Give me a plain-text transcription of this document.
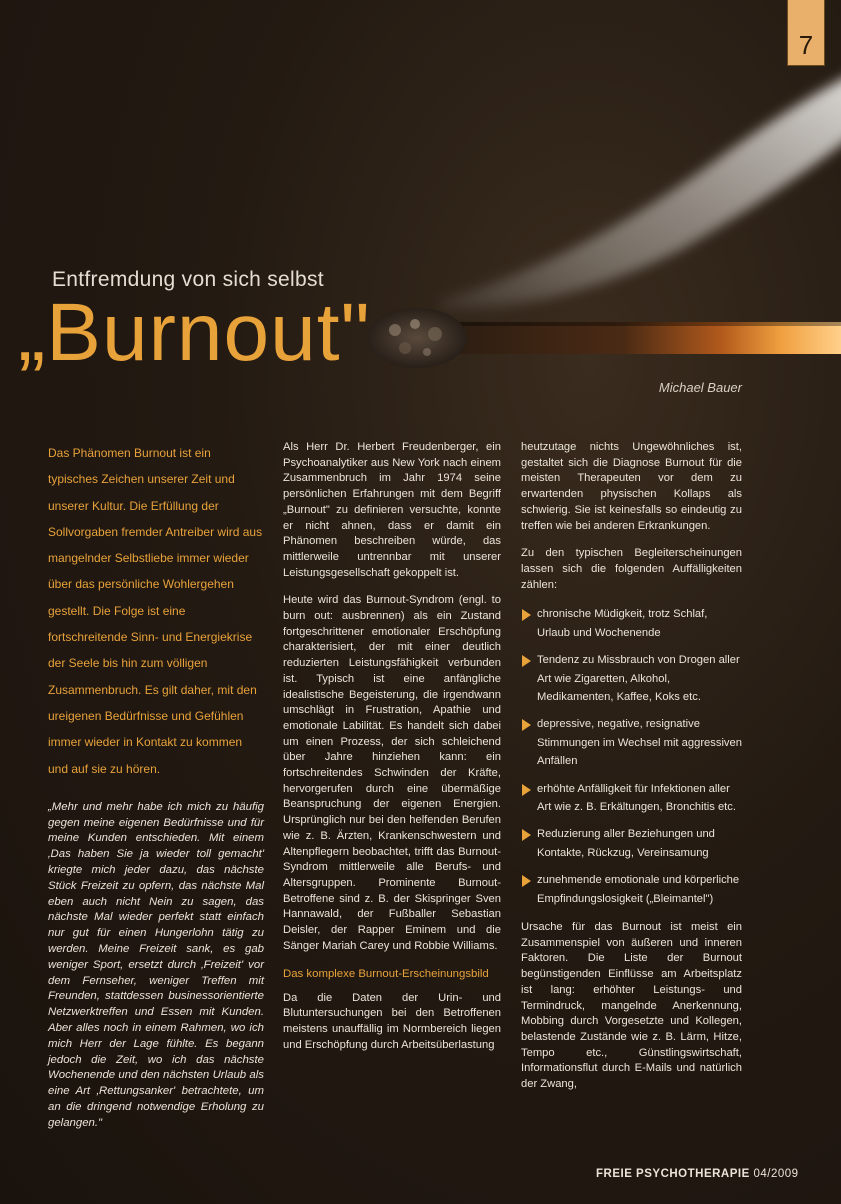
7
Entfremdung von sich selbst
„Burnout"
Michael Bauer

Das Phänomen Burnout ist ein typisches Zeichen unserer Zeit und unserer Kultur. Die Erfüllung der Sollvorgaben fremder Antreiber wird aus mangelnder Selbstliebe immer wieder über das persönliche Wohlergehen gestellt. Die Folge ist eine fortschreitende Sinn- und Energiekrise der Seele bis hin zum völligen Zusammenbruch. Es gilt daher, mit den ureigenen Bedürfnisse und Gefühlen immer wieder in Kontakt zu kommen und auf sie zu hören.

„Mehr und mehr habe ich mich zu häufig gegen meine eigenen Bedürfnisse und für meine Kunden entschieden. Mit einem ‚Das haben Sie ja wieder toll gemacht' kriegte mich jeder dazu, das nächste Stück Freizeit zu opfern, das nächste Mal eben auch nicht Nein zu sagen, das nächste Mal wieder perfekt statt einfach nur gut für einen Hungerlohn tätig zu werden. Meine Freizeit sank, es gab weniger Sport, ersetzt durch ‚Freizeit' vor dem Fernseher, weniger Treffen mit Freunden, stattdessen businessorientierte Netzwerktreffen und Essen mit Kunden. Aber alles noch in einem Rahmen, wo ich mich Herr der Lage fühlte. Es begann jedoch die Zeit, wo ich das nächste Wochenende und den nächsten Urlaub als eine Art ‚Rettungsanker' betrachtete, um an die dringend notwendige Erholung zu gelangen."

Als Herr Dr. Herbert Freudenberger, ein Psychoanalytiker aus New York nach einem Zusammenbruch im Jahr 1974 seine persönlichen Erfahrungen mit dem Begriff „Burnout" zu definieren versuchte, konnte er nicht ahnen, dass er damit ein Phänomen beschreiben würde, das mittlerweile untrennbar mit unserer Leistungsgesellschaft gekoppelt ist.

Heute wird das Burnout-Syndrom (engl. to burn out: ausbrennen) als ein Zustand fortgeschrittener emotionaler Erschöpfung charakterisiert, der mit einer deutlich reduzierten Leistungsfähigkeit verbunden ist. Typisch ist eine anfängliche idealistische Begeisterung, die irgendwann umschlägt in Frustration, Apathie und emotionale Labilität. Es handelt sich dabei um einen Prozess, der sich schleichend über Jahre hinziehen kann: ein fortschreitendes Schwinden der Kräfte, hervorgerufen durch eine übermäßige Beanspruchung der eigenen Energien. Ursprünglich nur bei den helfenden Berufen wie z. B. Ärzten, Krankenschwestern und Altenpflegern beobachtet, trifft das Burnout-Syndrom mittlerweile alle Berufs- und Altersgruppen. Prominente Burnout-Betroffene sind z. B. der Skispringer Sven Hannawald, der Fußballer Sebastian Deisler, der Rapper Eminem und die Sänger Mariah Carey und Robbie Williams.

Das komplexe Burnout-Erscheinungsbild

Da die Daten der Urin- und Blutuntersuchungen bei den Betroffenen meistens unauffällig im Normbereich liegen und Erschöpfung durch Arbeitsüberlastung

heutzutage nichts Ungewöhnliches ist, gestaltet sich die Diagnose Burnout für die meisten Therapeuten vor dem zu erwartenden physischen Kollaps als schwierig. Sie ist keinesfalls so eindeutig zu treffen wie bei anderen Erkrankungen.

Zu den typischen Begleiterscheinungen lassen sich die folgenden Auffälligkeiten zählen:

chronische Müdigkeit, trotz Schlaf, Urlaub und Wochenende
Tendenz zu Missbrauch von Drogen aller Art wie Zigaretten, Alkohol, Medikamenten, Kaffee, Koks etc.
depressive, negative, resignative Stimmungen im Wechsel mit aggressiven Anfällen
erhöhte Anfälligkeit für Infektionen aller Art wie z. B. Erkältungen, Bronchitis etc.
Reduzierung aller Beziehungen und Kontakte, Rückzug, Vereinsamung
zunehmende emotionale und körperliche Empfindungslosigkeit („Bleimantel")

Ursache für das Burnout ist meist ein Zusammenspiel von äußeren und inneren Faktoren. Die Liste der Burnout begünstigenden Einflüsse am Arbeitsplatz ist lang: erhöhter Leistungs- und Termindruck, mangelnde Anerkennung, Mobbing durch Vorgesetzte und Kollegen, belastende Zustände wie z. B. Lärm, Hitze, Tempo etc., Günstlingswirtschaft, Informationsflut durch E-Mails und natürlich der Zwang,

FREIE PSYCHOTHERAPIE 04/2009
